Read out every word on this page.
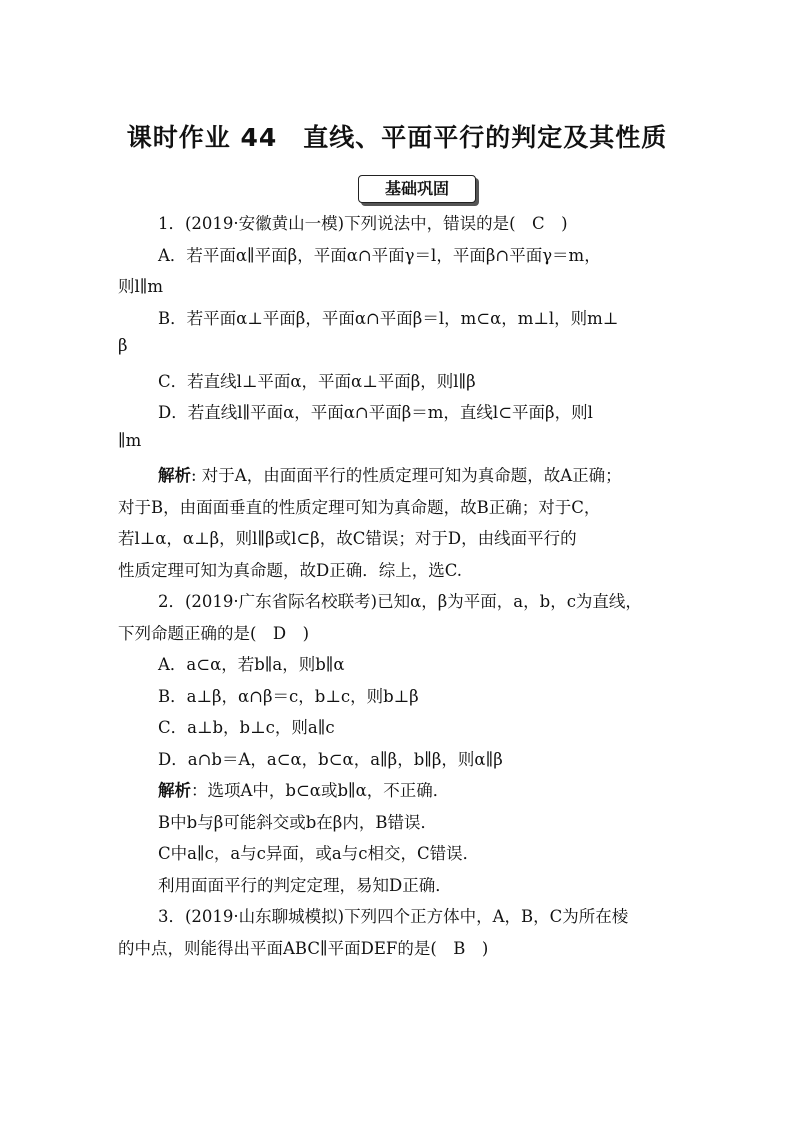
课时作业 44　直线、平面平行的判定及其性质
基础巩固
1．(2019·安徽黄山一模)下列说法中，错误的是(　C　)
A．若平面α∥平面β，平面α∩平面γ＝l，平面β∩平面γ＝m，
则l∥m
B．若平面α⊥平面β，平面α∩平面β＝l，m⊂α，m⊥l，则m⊥
β
C．若直线l⊥平面α，平面α⊥平面β，则l∥β
D．若直线l∥平面α，平面α∩平面β＝m，直线l⊂平面β，则l
∥m
解析: 对于A，由面面平行的性质定理可知为真命题，故A正确；
对于B，由面面垂直的性质定理可知为真命题，故B正确；对于C，
若l⊥α，α⊥β，则l∥β或l⊂β，故C错误；对于D，由线面平行的
性质定理可知为真命题，故D正确．综上，选C.
2．(2019·广东省际名校联考)已知α，β为平面，a，b，c为直线，
下列命题正确的是(　D　)
A．a⊂α，若b∥a，则b∥α
B．a⊥β，α∩β＝c，b⊥c，则b⊥β
C．a⊥b，b⊥c，则a∥c
D．a∩b＝A，a⊂α，b⊂α，a∥β，b∥β，则α∥β
解析：选项A中，b⊂α或b∥α，不正确．
B中b与β可能斜交或b在β内，B错误．
C中a∥c，a与c异面，或a与c相交，C错误．
利用面面平行的判定定理，易知D正确．
3．(2019·山东聊城模拟)下列四个正方体中，A，B，C为所在棱
的中点，则能得出平面ABC∥平面DEF的是(　B　)
